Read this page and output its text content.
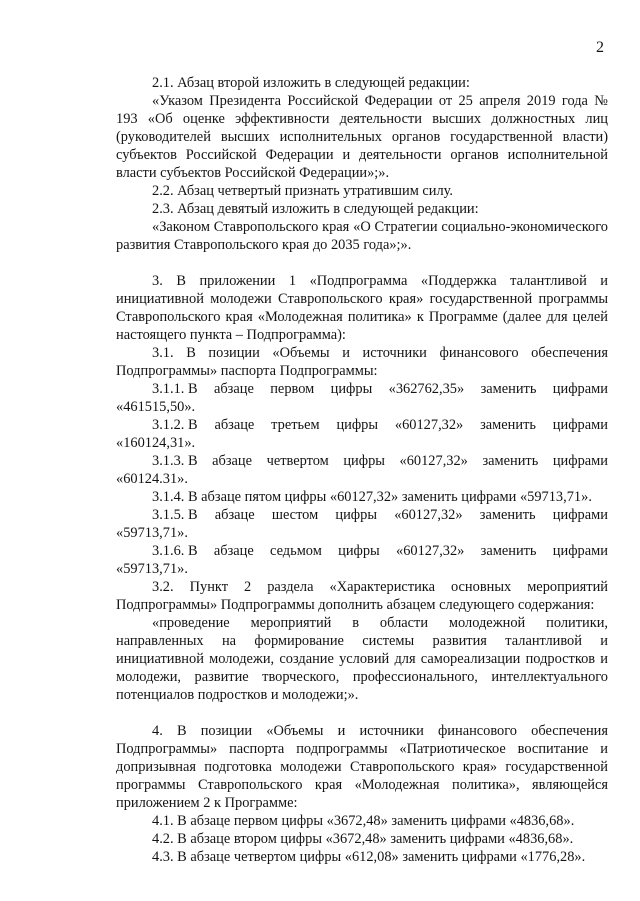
2

2.1. Абзац второй изложить в следующей редакции:

«Указом Президента Российской Федерации от 25 апреля 2019 года № 193 «Об оценке эффективности деятельности высших должностных лиц (руководителей высших исполнительных органов государственной власти) субъектов Российской Федерации и деятельности органов исполнительной власти субъектов Российской Федерации»;».

2.2. Абзац четвертый признать утратившим силу.

2.3. Абзац девятый изложить в следующей редакции:

«Законом Ставропольского края «О Стратегии социально-экономического развития Ставропольского края до 2035 года»;».

3. В приложении 1 «Подпрограмма «Поддержка талантливой и инициативной молодежи Ставропольского края» государственной программы Ставропольского края «Молодежная политика» к Программе (далее для целей настоящего пункта – Подпрограмма):

3.1. В позиции «Объемы и источники финансового обеспечения Подпрограммы» паспорта Подпрограммы:

3.1.1. В абзаце первом цифры «362762,35» заменить цифрами
«461515,50».
3.1.2. В абзаце третьем цифры «60127,32» заменить цифрами
«160124,31».
3.1.3. В абзаце четвертом цифры «60127,32» заменить цифрами
«60124.31».

3.1.4. В абзаце пятом цифры «60127,32» заменить цифрами «59713,71».

3.1.5. В абзаце шестом цифры «60127,32» заменить цифрами
«59713,71».
3.1.6. В абзаце седьмом цифры «60127,32» заменить цифрами
«59713,71».

3.2. Пункт 2 раздела «Характеристика основных мероприятий Подпрограммы» Подпрограммы дополнить абзацем следующего содержания:

«проведение мероприятий в области молодежной политики, направленных на формирование системы развития талантливой и инициативной молодежи, создание условий для самореализации подростков и молодежи, развитие творческого, профессионального, интеллектуального потенциалов подростков и молодежи;».

4. В позиции «Объемы и источники финансового обеспечения Подпрограммы» паспорта подпрограммы «Патриотическое воспитание и допризывная подготовка молодежи Ставропольского края» государственной программы Ставропольского края «Молодежная политика», являющейся приложением 2 к Программе:

4.1. В абзаце первом цифры «3672,48» заменить цифрами «4836,68».

4.2. В абзаце втором цифры «3672,48» заменить цифрами «4836,68».

4.3. В абзаце четвертом цифры «612,08» заменить цифрами «1776,28».
